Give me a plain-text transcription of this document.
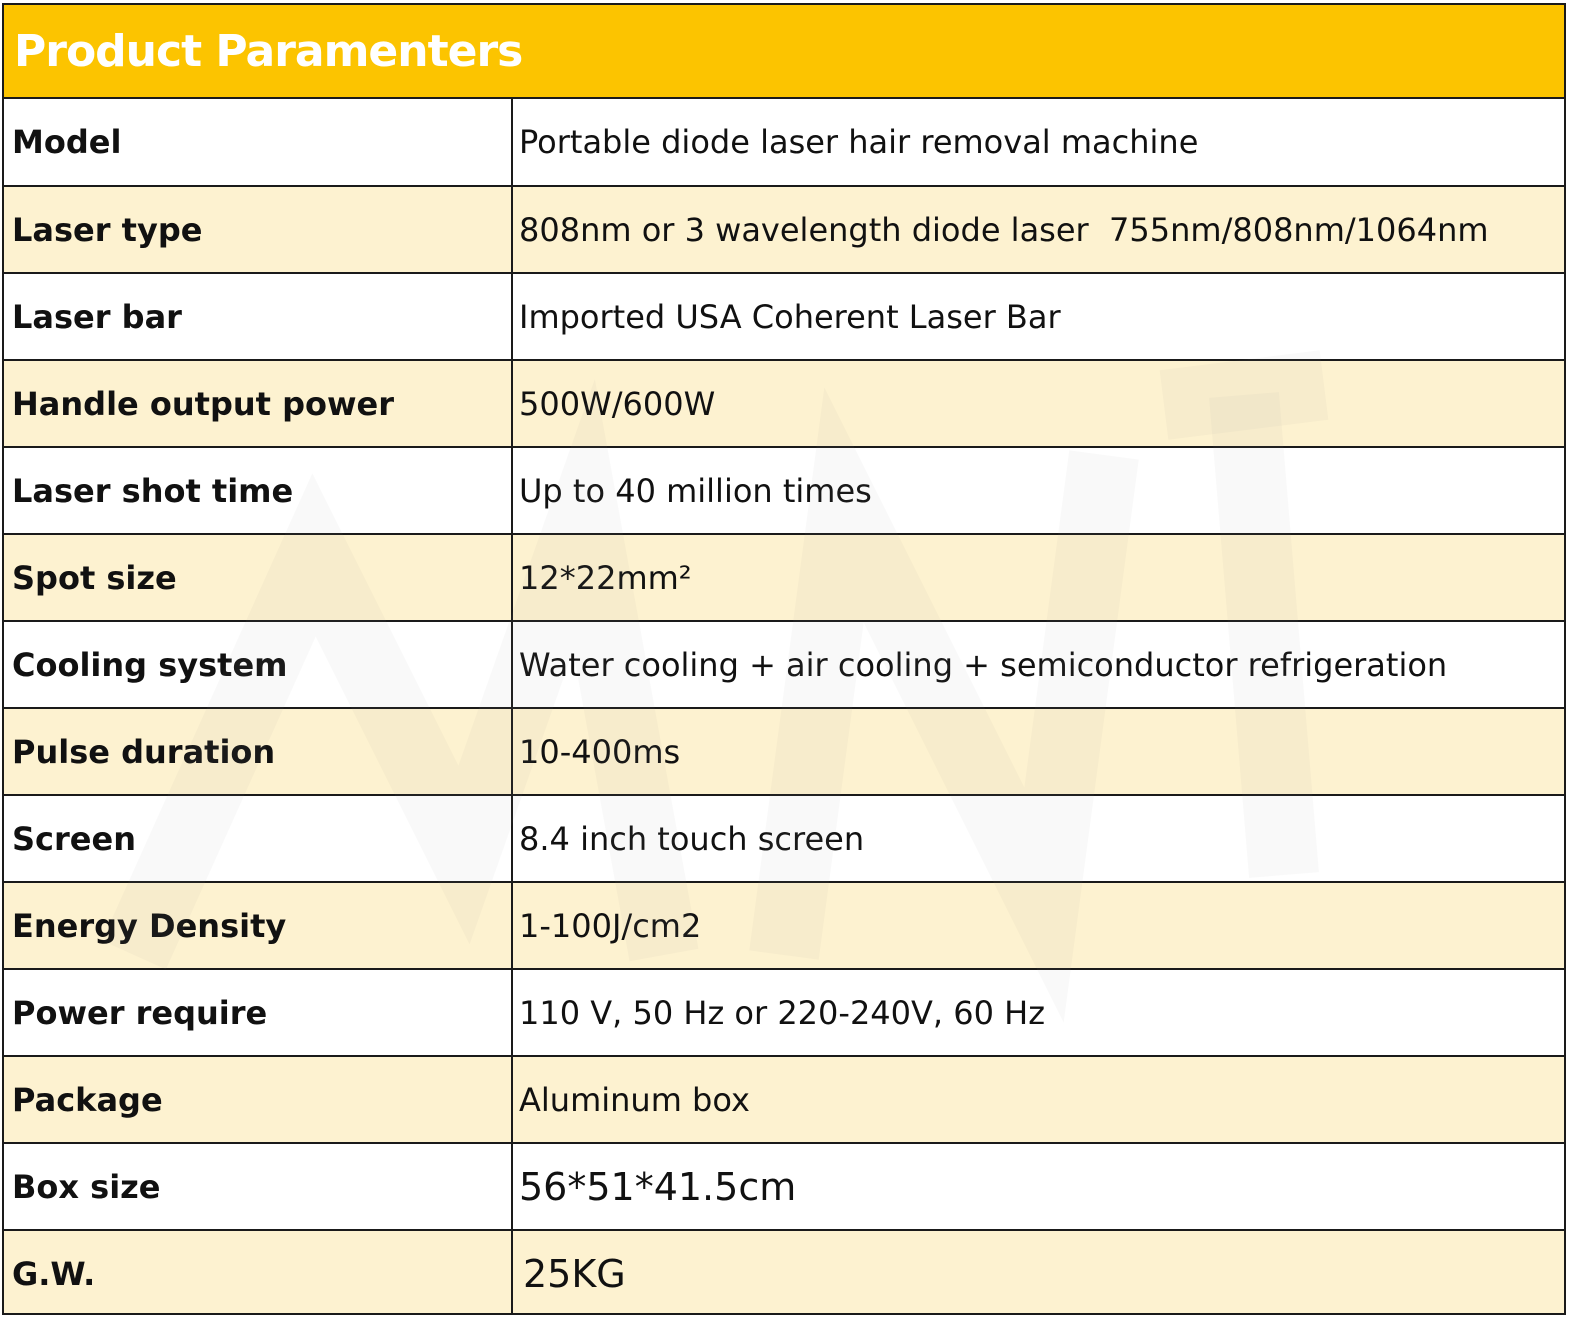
Product Paramenters
Model	Portable diode laser hair removal machine
Laser type	808nm or 3 wavelength diode laser  755nm/808nm/1064nm
Laser bar	Imported USA Coherent Laser Bar
Handle output power	500W/600W
Laser shot time	Up to 40 million times
Spot size	12*22mm²
Cooling system	Water cooling + air cooling + semiconductor refrigeration
Pulse duration	10-400ms
Screen	8.4 inch touch screen
Energy Density	1-100J/cm2
Power require	110 V, 50 Hz or 220-240V, 60 Hz
Package	Aluminum box
Box size	56*51*41.5cm
G.W.	25KG
